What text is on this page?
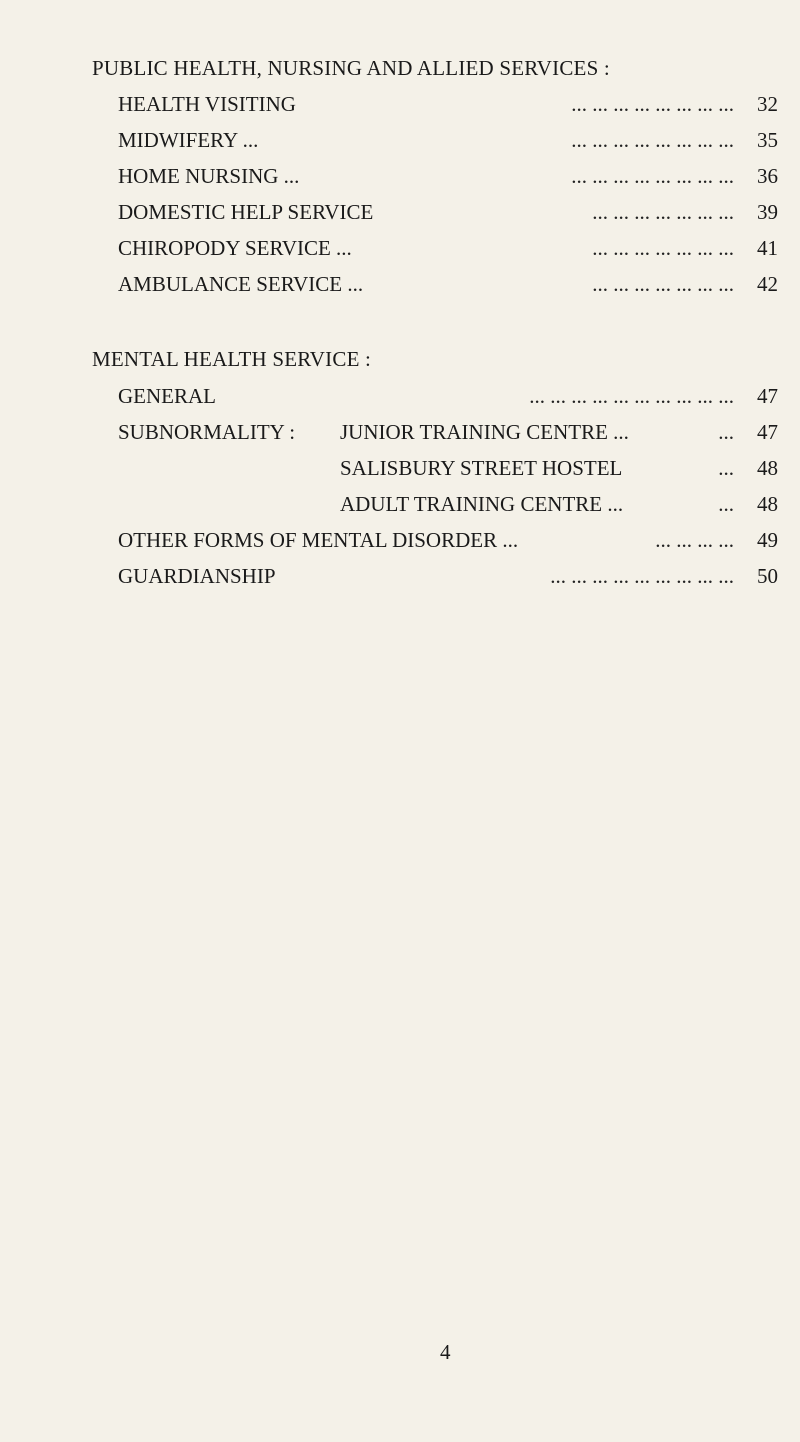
PUBLIC HEALTH, NURSING AND ALLIED SERVICES :
HEALTH VISITING	... ... ... ... ... ... ... ...	32
MIDWIFERY ...	... ... ... ... ... ... ... ...	35
HOME NURSING ...	... ... ... ... ... ... ... ...	36
DOMESTIC HELP SERVICE	... ... ... ... ... ... ...	39
CHIROPODY SERVICE ...	... ... ... ... ... ... ...	41
AMBULANCE SERVICE ...	... ... ... ... ... ... ...	42
MENTAL HEALTH SERVICE :
GENERAL	... ... ... ... ... ... ... ... ... ...	47
SUBNORMALITY : JUNIOR TRAINING CENTRE ...	...	47
SALISBURY STREET HOSTEL	...	48
ADULT TRAINING CENTRE ...	...	48
OTHER FORMS OF MENTAL DISORDER ...	... ... ... ...	49
GUARDIANSHIP	... ... ... ... ... ... ... ... ...	50
4
